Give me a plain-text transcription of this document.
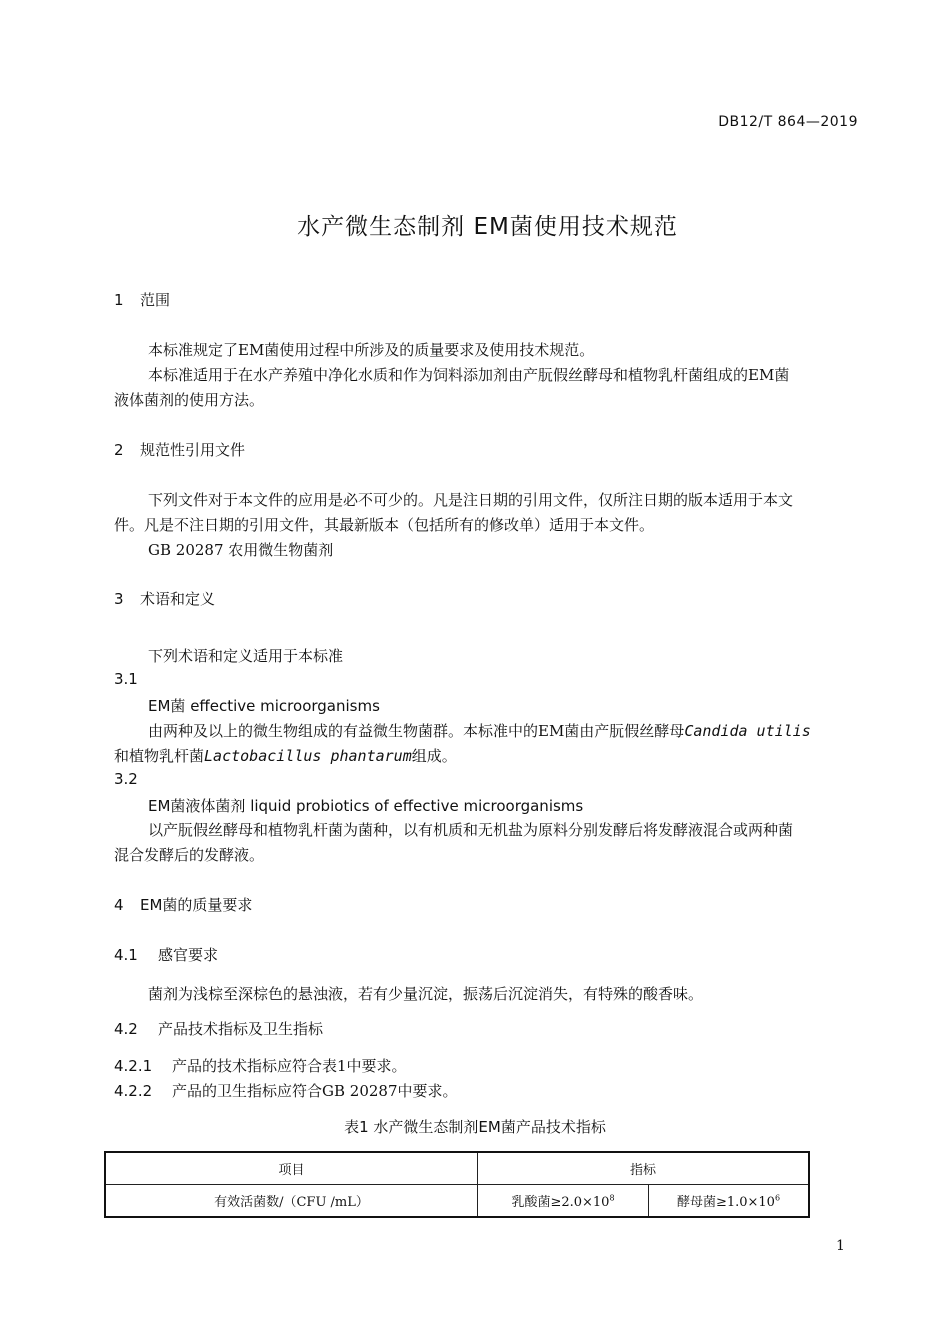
DB12/T 864—2019
水产微生态制剂 EM菌使用技术规范
1 范围
本标准规定了EM菌使用过程中所涉及的质量要求及使用技术规范。
本标准适用于在水产养殖中净化水质和作为饲料添加剂由产朊假丝酵母和植物乳杆菌组成的EM菌
液体菌剂的使用方法。
2 规范性引用文件
下列文件对于本文件的应用是必不可少的。凡是注日期的引用文件，仅所注日期的版本适用于本文
件。凡是不注日期的引用文件，其最新版本（包括所有的修改单）适用于本文件。
GB 20287 农用微生物菌剂
3 术语和定义
下列术语和定义适用于本标准
3.1
EM菌 effective microorganisms
由两种及以上的微生物组成的有益微生物菌群。本标准中的EM菌由产朊假丝酵母Candida utilis
和植物乳杆菌Lactobacillus phantarum组成。
3.2
EM菌液体菌剂 liquid probiotics of effective microorganisms
以产朊假丝酵母和植物乳杆菌为菌种，以有机质和无机盐为原料分别发酵后将发酵液混合或两种菌
混合发酵后的发酵液。
4 EM菌的质量要求
4.1 感官要求
菌剂为浅棕至深棕色的悬浊液，若有少量沉淀，振荡后沉淀消失，有特殊的酸香味。
4.2 产品技术指标及卫生指标
4.2.1 产品的技术指标应符合表1中要求。
4.2.2 产品的卫生指标应符合GB 20287中要求。
表1 水产微生态制剂EM菌产品技术指标
项目	指标	
有效活菌数/（CFU /mL）	乳酸菌$\ge 2.0\times 10^8$	酵母菌$\ge 1.0\times 10^6$
1
